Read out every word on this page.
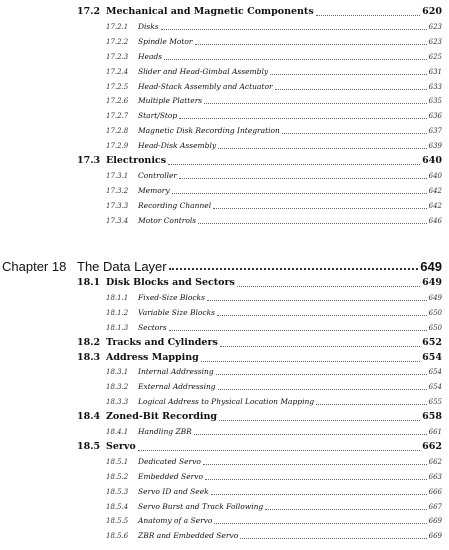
17.2 Mechanical and Magnetic Components	620
17.2.1 Disks	623
17.2.2 Spindle Motor	623
17.2.3 Heads	625
17.2.4 Slider and Head-Gimbal Assembly	631
17.2.5 Head-Stack Assembly and Actuator	633
17.2.6 Multiple Platters	635
17.2.7 Start/Stop	636
17.2.8 Magnetic Disk Recording Integration	637
17.2.9 Head-Disk Assembly	639
17.3 Electronics	640
17.3.1 Controller	640
17.3.2 Memory	642
17.3.3 Recording Channel	642
17.3.4 Motor Controls	646
Chapter 18 The Data Layer	649
18.1 Disk Blocks and Sectors	649
18.1.1 Fixed-Size Blocks	649
18.1.2 Variable Size Blocks	650
18.1.3 Sectors	650
18.2 Tracks and Cylinders	652
18.3 Address Mapping	654
18.3.1 Internal Addressing	654
18.3.2 External Addressing	654
18.3.3 Logical Address to Physical Location Mapping	655
18.4 Zoned-Bit Recording	658
18.4.1 Handling ZBR	661
18.5 Servo	662
18.5.1 Dedicated Servo	662
18.5.2 Embedded Servo	663
18.5.3 Servo ID and Seek	666
18.5.4 Servo Burst and Track Following	667
18.5.5 Anatomy of a Servo	669
18.5.6 ZBR and Embedded Servo	669
